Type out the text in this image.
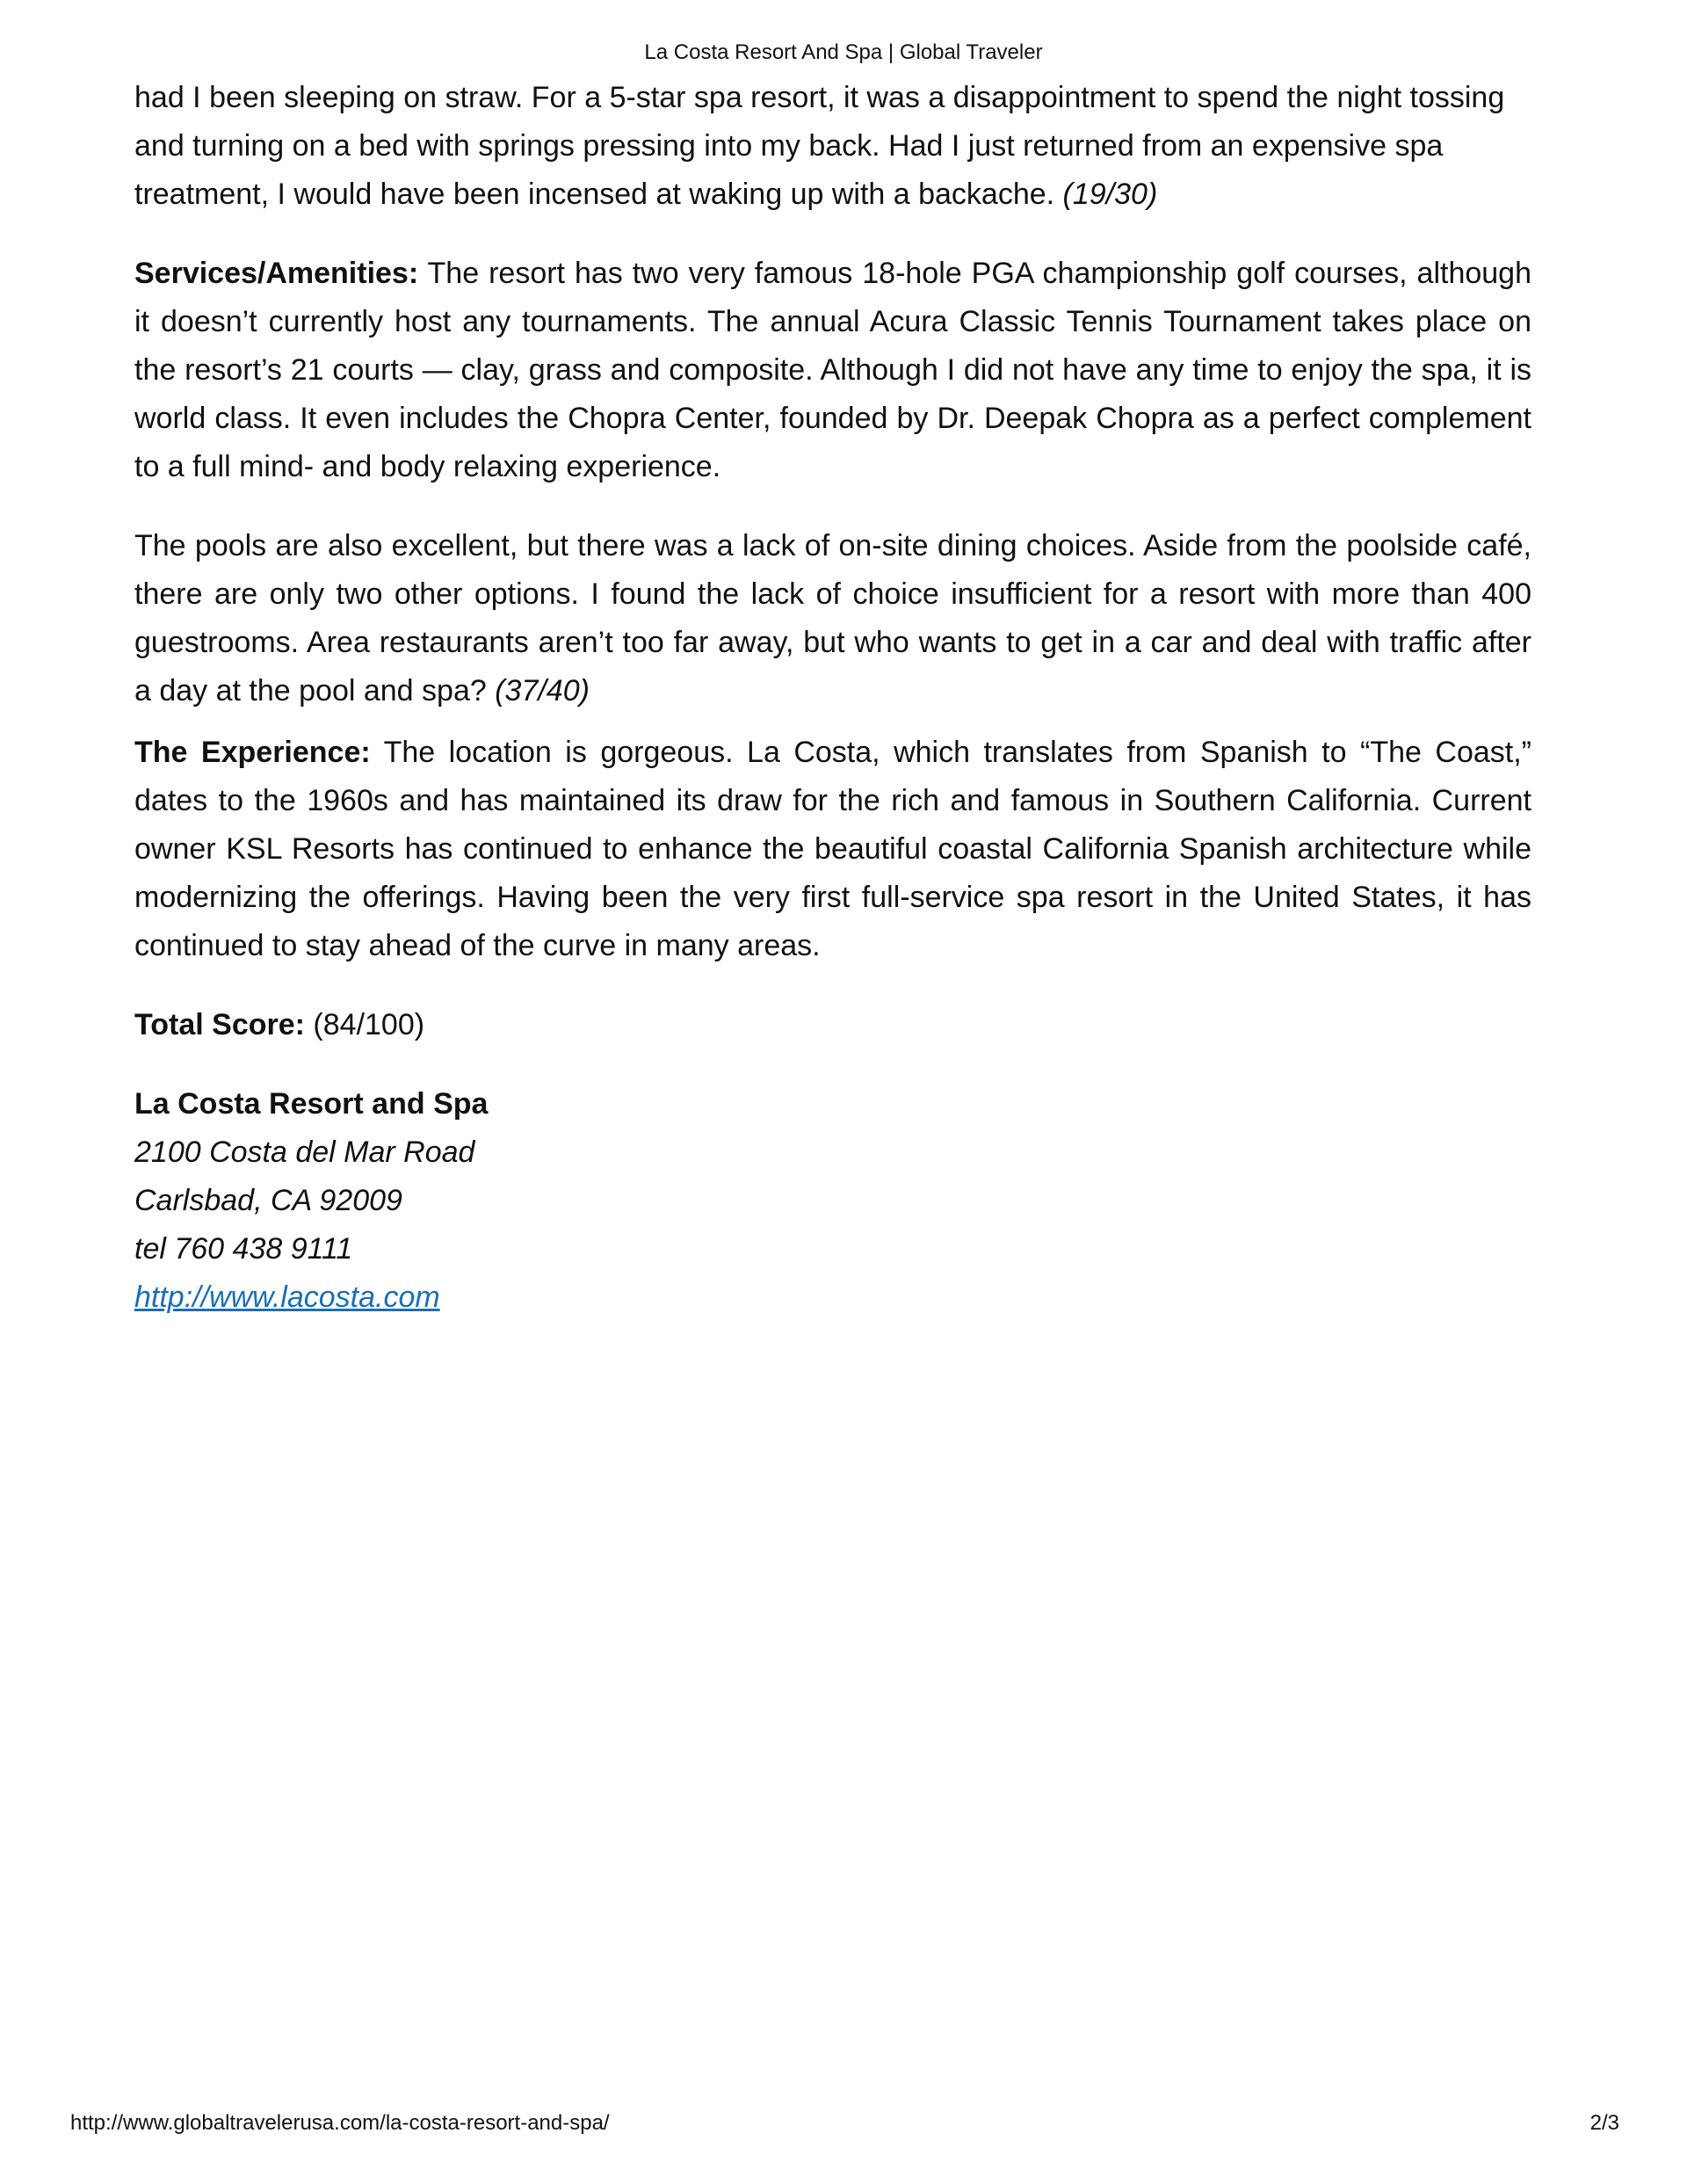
La Costa Resort And Spa | Global Traveler

had I been sleeping on straw. For a 5-star spa resort, it was a disappointment to spend the night tossing and turning on a bed with springs pressing into my back. Had I just returned from an expensive spa treatment, I would have been incensed at waking up with a backache. (19/30)

Services/Amenities: The resort has two very famous 18-hole PGA championship golf courses, although it doesn’t currently host any tournaments. The annual Acura Classic Tennis Tournament takes place on the resort’s 21 courts — clay, grass and composite. Although I did not have any time to enjoy the spa, it is world class. It even includes the Chopra Center, founded by Dr. Deepak Chopra as a perfect complement to a full mind- and body relaxing experience.

The pools are also excellent, but there was a lack of on-site dining choices. Aside from the poolside café, there are only two other options. I found the lack of choice insufficient for a resort with more than 400 guestrooms. Area restaurants aren’t too far away, but who wants to get in a car and deal with traffic after a day at the pool and spa? (37/40)

The Experience: The location is gorgeous. La Costa, which translates from Spanish to “The Coast,” dates to the 1960s and has maintained its draw for the rich and famous in Southern California. Current owner KSL Resorts has continued to enhance the beautiful coastal California Spanish architecture while modernizing the offerings. Having been the very first full-service spa resort in the United States, it has continued to stay ahead of the curve in many areas.

Total Score: (84/100)

La Costa Resort and Spa
2100 Costa del Mar Road
Carlsbad, CA 92009
tel 760 438 9111
http://www.lacosta.com
http://www.globaltravelerusa.com/la-costa-resort-and-spa/	2/3
